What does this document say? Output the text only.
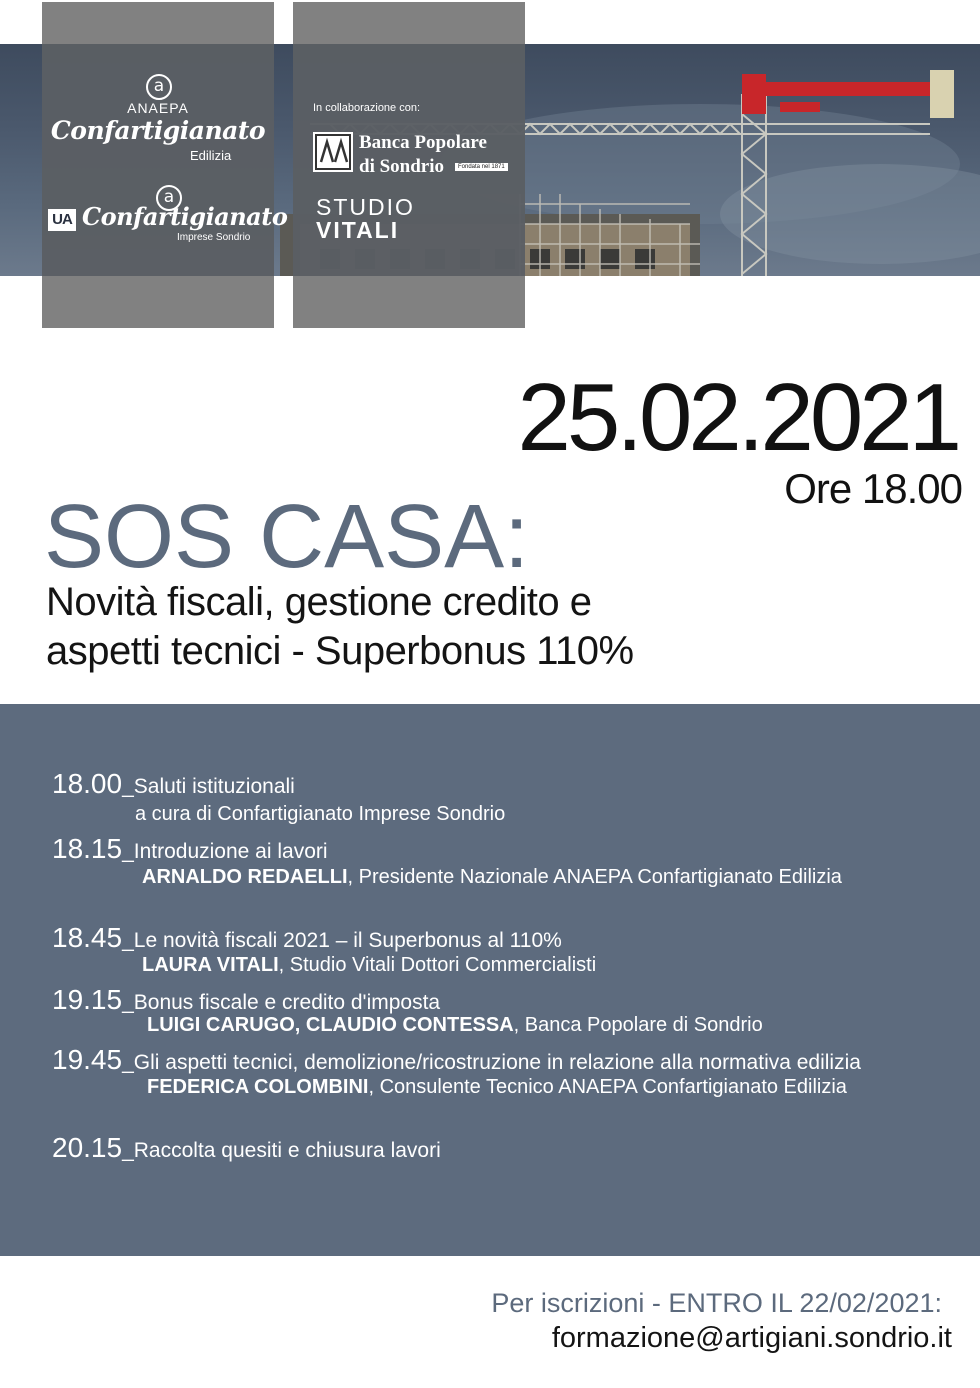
a
ANAEPA
Confartigianato
Edilizia
a
UA Confartigianato
Imprese Sondrio
In collaborazione con:
Banca Popolare
di Sondrio	Fondata nel 1871
STUDIO
VITALI
25.02.2021
Ore 18.00
SOS CASA:
Novità fiscali, gestione credito e
aspetti tecnici - Superbonus 110%
18.00_Saluti istituzionali
a cura di Confartigianato Imprese Sondrio
18.15_Introduzione ai lavori
ARNALDO REDAELLI, Presidente Nazionale ANAEPA Confartigianato Edilizia
18.45_Le novità fiscali 2021 – il Superbonus al 110%
LAURA VITALI, Studio Vitali Dottori Commercialisti
19.15_Bonus fiscale e credito d'imposta
LUIGI CARUGO, CLAUDIO CONTESSA, Banca Popolare di Sondrio
19.45_Gli aspetti tecnici, demolizione/ricostruzione in relazione alla normativa edilizia
FEDERICA COLOMBINI, Consulente Tecnico ANAEPA Confartigianato Edilizia
20.15_Raccolta quesiti e chiusura lavori
Per iscrizioni - ENTRO IL 22/02/2021:
formazione@artigiani.sondrio.it
